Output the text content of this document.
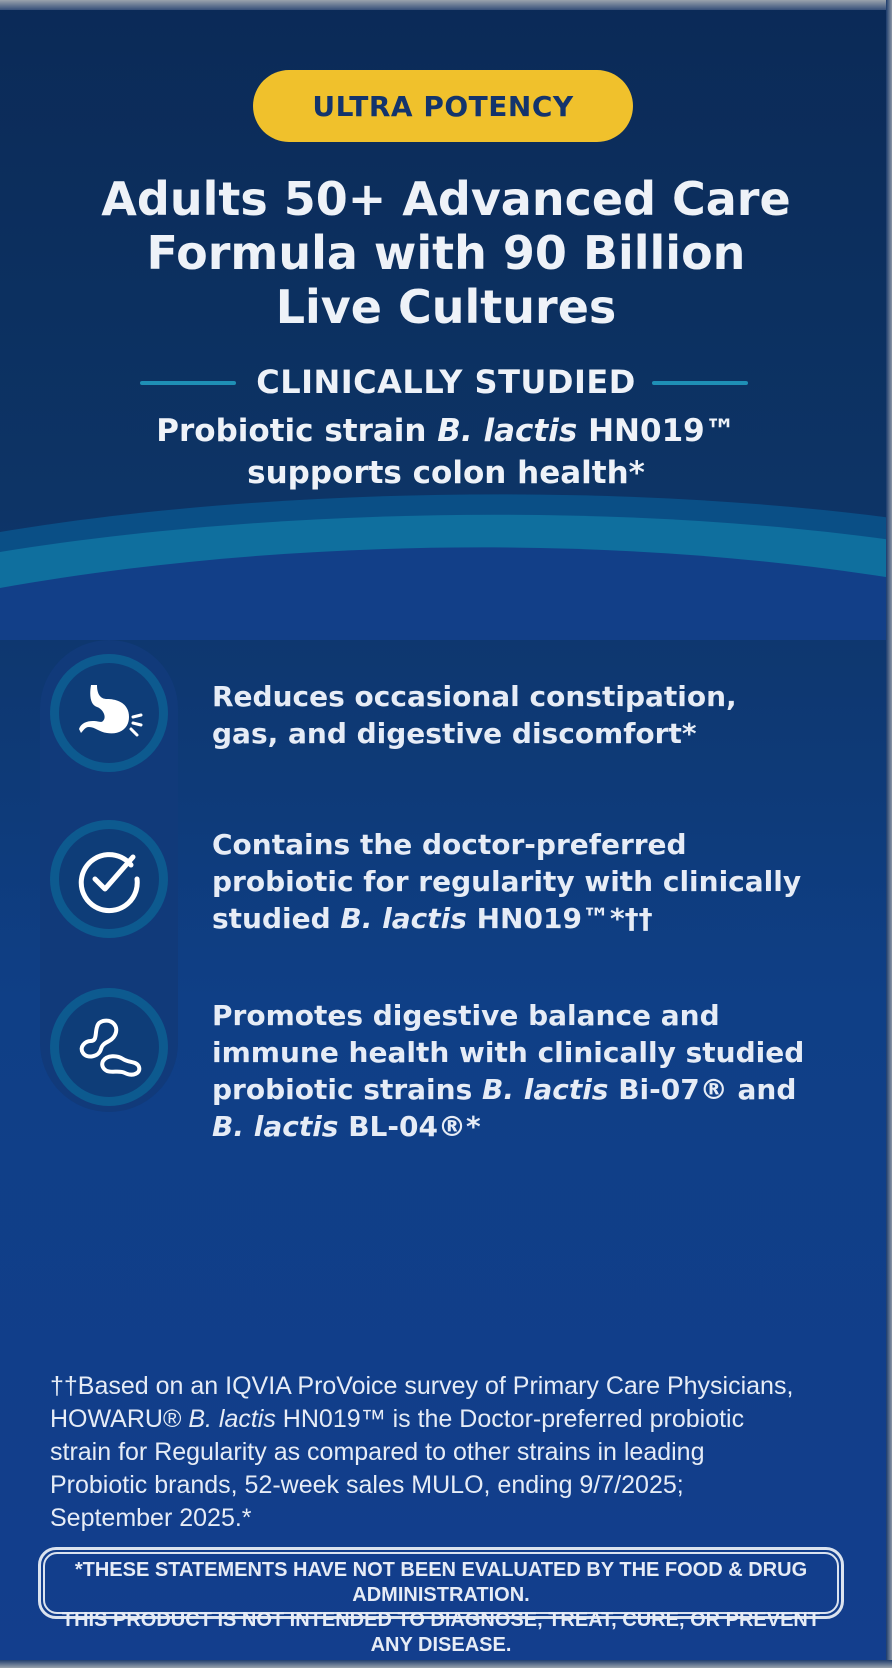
ULTRA POTENCY
Adults 50+ Advanced Care
Formula with 90 Billion
Live Cultures
CLINICALLY STUDIED
Probiotic strain B. lactis HN019™
supports colon health*
Reduces occasional constipation,
gas, and digestive discomfort*
Contains the doctor-preferred
probiotic for regularity with clinically
studied B. lactis HN019™*††
Promotes digestive balance and
immune health with clinically studied
probiotic strains B. lactis Bi-07® and
B. lactis BL-04®*
††Based on an IQVIA ProVoice survey of Primary Care Physicians,
HOWARU® B. lactis HN019™ is the Doctor-preferred probiotic
strain for Regularity as compared to other strains in leading
Probiotic brands, 52-week sales MULO, ending 9/7/2025;
September 2025.*
*THESE STATEMENTS HAVE NOT BEEN EVALUATED BY THE FOOD & DRUG ADMINISTRATION.
THIS PRODUCT IS NOT INTENDED TO DIAGNOSE, TREAT, CURE, OR PREVENT ANY DISEASE.
